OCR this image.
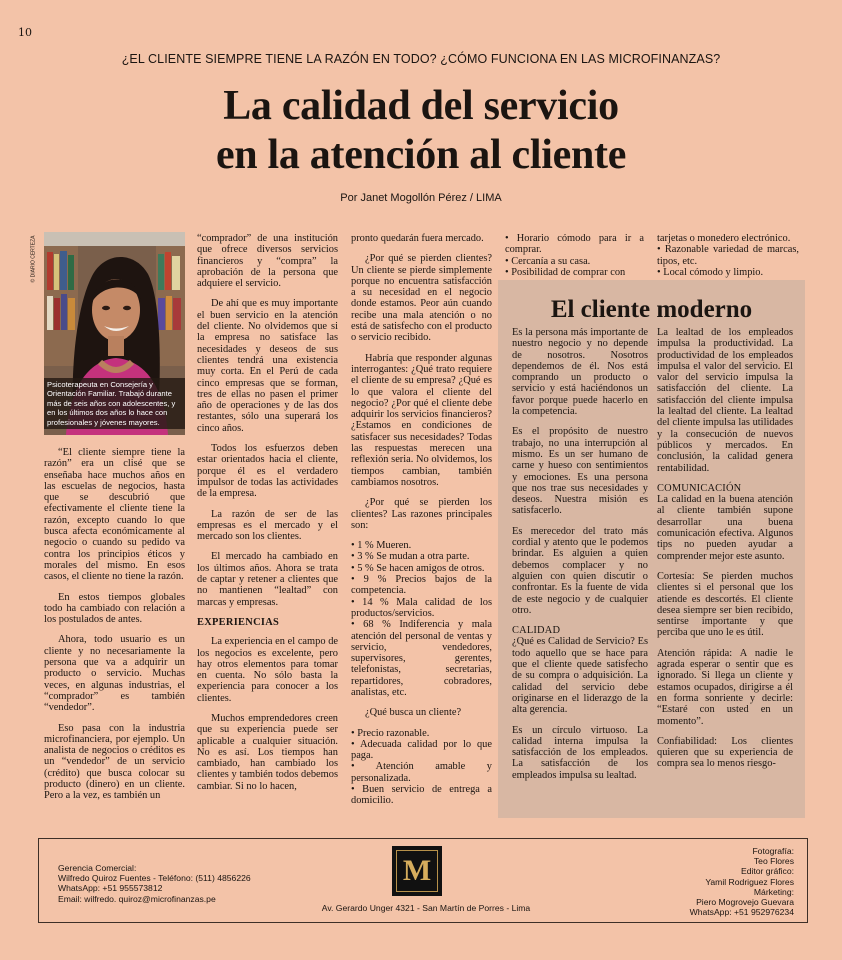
10
¿EL CLIENTE SIEMPRE TIENE LA RAZÓN EN TODO? ¿CÓMO FUNCIONA EN LAS MICROFINANZAS?
La calidad del servicio
en la atención al cliente
Por Janet Mogollón Pérez / LIMA
© DIARIO CERTEZA
Psicoterapeuta en Consejería y Orientación Familiar. Trabajó durante más de seis años con adolescentes, y en los últimos dos años lo hace con profesionales y jóvenes mayores.

“El cliente siempre tiene la razón” era un clisé que se enseñaba hace muchos años en las escuelas de negocios, hasta que se descubrió que efectivamente el cliente tiene la razón, excepto cuando lo que busca afecta económicamente al negocio o cuando su pedido va contra los principios éticos y morales del mismo. En esos casos, el cliente no tiene la razón.

En estos tiempos globales todo ha cambiado con relación a los postulados de antes.

Ahora, todo usuario es un cliente y no necesariamente la persona que va a adquirir un producto o servicio. Muchas veces, en algunas industrias, el “comprador” es también “vendedor”.

Eso pasa con la industria microfinanciera, por ejemplo. Un analista de negocios o créditos es un “vendedor” de un servicio (crédito) que busca colocar su producto (dinero) en un cliente. Pero a la vez, es también un

“comprador” de una institución que ofrece diversos servicios financieros y “compra” la aprobación de la persona que adquiere el servicio.

De ahí que es muy importante el buen servicio en la atención del cliente. No olvidemos que si la empresa no satisface las necesidades y deseos de sus clientes tendrá una existencia muy corta. En el Perú de cada cinco empresas que se forman, tres de ellas no pasen el primer año de operaciones y de las dos restantes, sólo una superará los cinco años.

Todos los esfuerzos deben estar orientados hacia el cliente, porque él es el verdadero impulsor de todas las actividades de la empresa.

La razón de ser de las empresas es el mercado y el mercado son los clientes.

El mercado ha cambiado en los últimos años. Ahora se trata de captar y retener a clientes que no mantienen “lealtad” con marcas y empresas.

EXPERIENCIAS

La experiencia en el campo de los negocios es excelente, pero hay otros elementos para tomar en cuenta. No sólo basta la experiencia para conocer a los clientes.

Muchos emprendedores creen que su experiencia puede ser aplicable a cualquier situación. No es así. Los tiempos han cambiado, han cambiado los clientes y también todos debemos cambiar. Si no lo hacen,

pronto quedarán fuera mercado.

¿Por qué se pierden clientes? Un cliente se pierde simplemente porque no encuentra satisfacción a su necesidad en el negocio donde estamos. Peor aún cuando recibe una mala atención o no está de satisfecho con el producto o servicio recibido.

Habría que responder algunas interrogantes: ¿Qué trato requiere el cliente de su empresa? ¿Qué es lo que valora el cliente del negocio? ¿Por qué el cliente debe adquirir los servicios financieros? ¿Estamos en condiciones de satisfacer sus necesidades? Todas las respuestas merecen una reflexión seria. No olvidemos, los tiempos cambian, también cambiamos nosotros.

¿Por qué se pierden los clientes? Las razones principales son:

• 1 % Mueren.
• 3 % Se mudan a otra parte.
• 5 % Se hacen amigos de otros.
• 9 % Precios bajos de la competencia.
• 14 % Mala calidad de los productos/servicios.
• 68 % Indiferencia y mala atención del personal de ventas y servicio, vendedores, supervisores, gerentes, telefonistas, secretarias, repartidores, cobradores, analistas, etc.

¿Qué busca un cliente?

• Precio razonable.
• Adecuada calidad por lo que paga.
• Atención amable y personalizada.
• Buen servicio de entrega a domicilio.
• Horario cómodo para ir a comprar.
• Cercanía a su casa.
• Posibilidad de comprar con
tarjetas o monedero electrónico.
• Razonable variedad de marcas, tipos, etc.
• Local cómodo y limpio.
El cliente moderno

Es la persona más importante de nuestro negocio y no depende de nosotros. Nosotros dependemos de él. Nos está comprando un producto o servicio y está haciéndonos un favor porque puede hacerlo en la competencia.

Es el propósito de nuestro trabajo, no una interrupción al mismo. Es un ser humano de carne y hueso con sentimientos y emociones. Es una persona que nos trae sus necesidades y deseos. Nuestra misión es satisfacerlo.

Es merecedor del trato más cordial y atento que le podemos brindar. Es alguien a quien debemos complacer y no alguien con quien discutir o confrontar. Es la fuente de vida de este negocio y de cualquier otro.

CALIDAD

¿Qué es Calidad de Servicio? Es todo aquello que se hace para que el cliente quede satisfecho de su compra o adquisición. La calidad del servicio debe originarse en el liderazgo de la alta gerencia.

Es un círculo virtuoso. La calidad interna impulsa la satisfacción de los empleados. La satisfacción de los empleados impulsa su lealtad.

La lealtad de los empleados impulsa la productividad. La productividad de los empleados impulsa el valor del servicio. El valor del servicio impulsa la satisfacción del cliente. La satisfacción del cliente impulsa la lealtad del cliente. La lealtad del cliente impulsa las utilidades y la consecución de nuevos públicos y mercados. En conclusión, la calidad genera rentabilidad.

COMUNICACIÓN

La calidad en la buena atención al cliente también supone desarrollar una buena comunicación efectiva. Algunos tips no pueden ayudar a comprender mejor este asunto.

Cortesía: Se pierden muchos clientes si el personal que los atiende es descortés. El cliente desea siempre ser bien recibido, sentirse importante y que perciba que uno le es útil.

Atención rápida: A nadie le agrada esperar o sentir que es ignorado. Si llega un cliente y estamos ocupados, dirigirse a él en forma sonriente y decirle: “Estaré con usted en un momento”.

Confiabilidad: Los clientes quieren que su experiencia de compra sea lo menos riesgo-

Gerencia Comercial:
Wilfredo Quiroz Fuentes - Teléfono: (511) 4856226
WhatsApp: +51 955573812
Email: wilfredo. quiroz@microfinanzas.pe
M
Av. Gerardo Unger 4321 - San Martín de Porres - Lima
Fotografía:
Teo Flores
Editor gráfico:
Yamil Rodriguez Flores
Márketing:
Piero Mogrovejo Guevara
WhatsApp: +51 952976234
